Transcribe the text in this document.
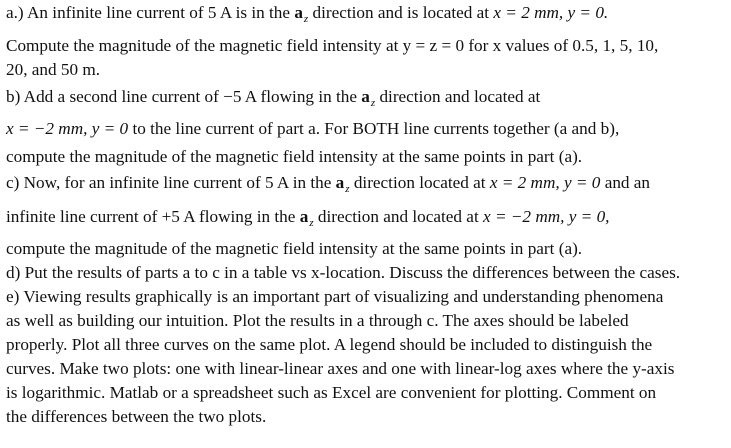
a.) An infinite line current of 5 A is in the $a_z$ direction and is located at x = 2 mm, y = 0.
Compute the magnitude of the magnetic field intensity at y = z = 0 for x values of 0.5, 1, 5, 10,
20, and 50 m.
b) Add a second line current of −5 A flowing in the $a_z$ direction and located at
x = −2 mm, y = 0 to the line current of part a. For BOTH line currents together (a and b),
compute the magnitude of the magnetic field intensity at the same points in part (a).
c) Now, for an infinite line current of 5 A in the $a_z$ direction located at x = 2 mm, y = 0 and an
infinite line current of +5 A flowing in the $a_z$ direction and located at x = −2 mm, y = 0,
compute the magnitude of the magnetic field intensity at the same points in part (a).
d) Put the results of parts a to c in a table vs x-location. Discuss the differences between the cases.
e) Viewing results graphically is an important part of visualizing and understanding phenomena
as well as building our intuition. Plot the results in a through c. The axes should be labeled
properly. Plot all three curves on the same plot. A legend should be included to distinguish the
curves. Make two plots: one with linear-linear axes and one with linear-log axes where the y-axis
is logarithmic. Matlab or a spreadsheet such as Excel are convenient for plotting. Comment on
the differences between the two plots.
